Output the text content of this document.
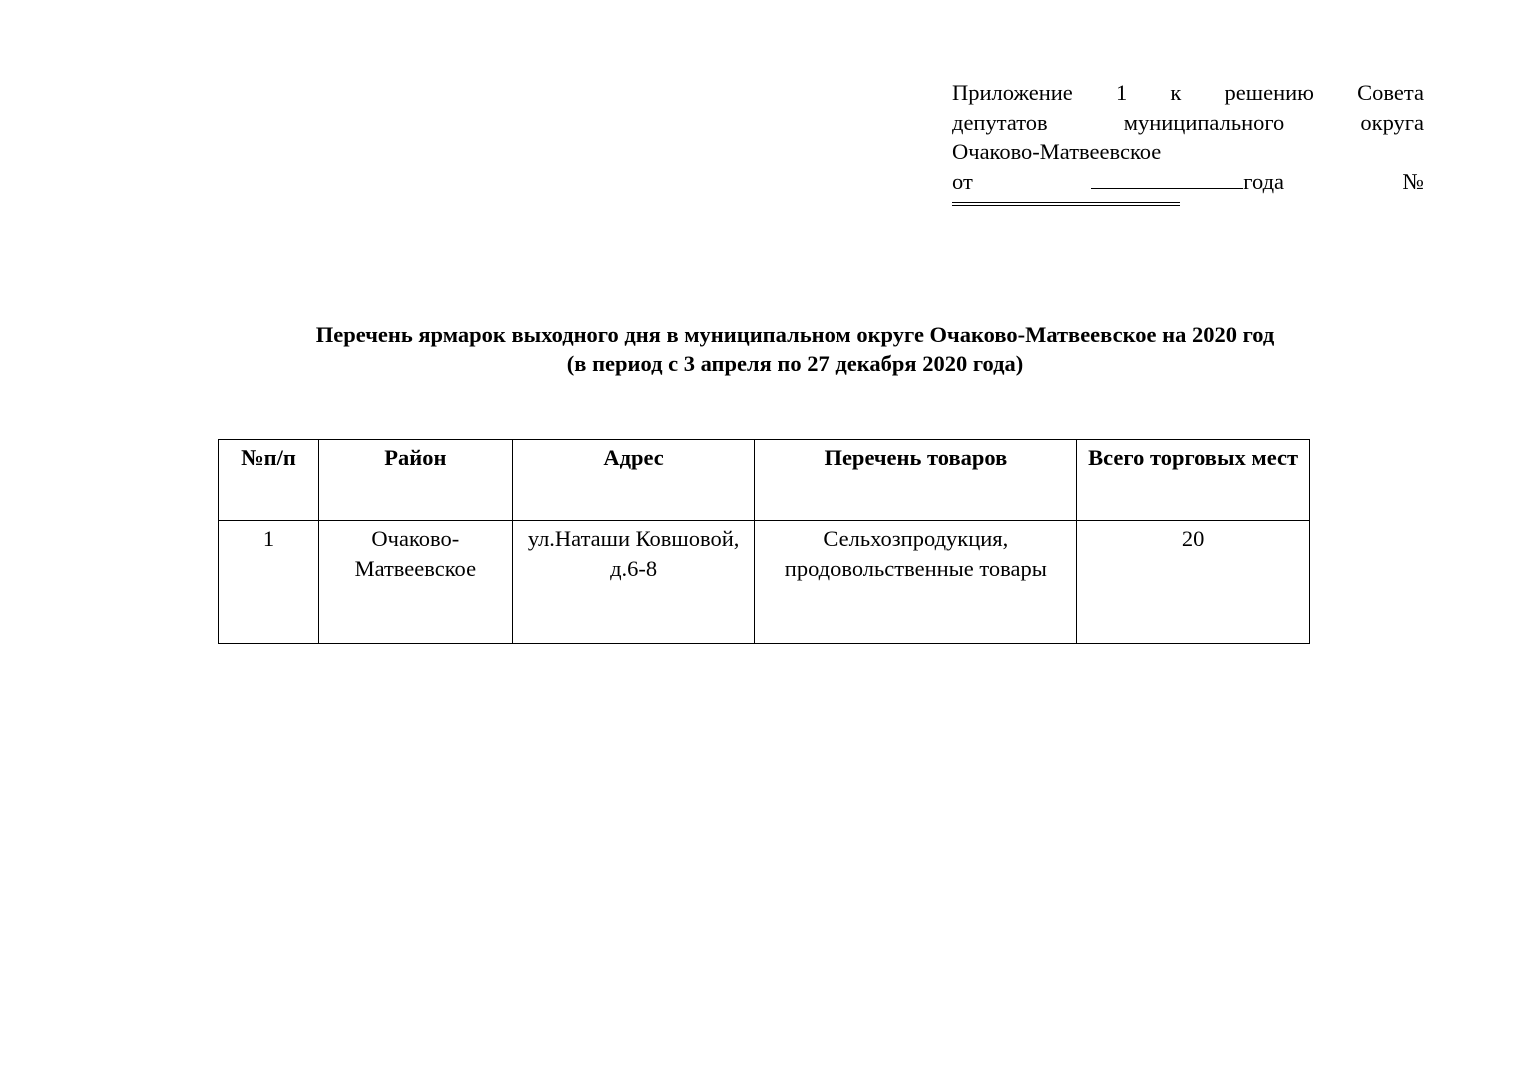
Приложение 1 к решению Совета
депутатов	муниципального	округа
Очаково-Матвеевское
от	года	№
Перечень ярмарок выходного дня в муниципальном округе Очаково-Матвеевское на 2020 год
(в период с 3 апреля по 27 декабря 2020 года)
№п/п	Район	Адрес	Перечень товаров	Всего торговых мест
1	Очаково-Матвеевское	ул.Наташи Ковшовой, д.6-8	Сельхозпродукция, продовольственные товары	20
